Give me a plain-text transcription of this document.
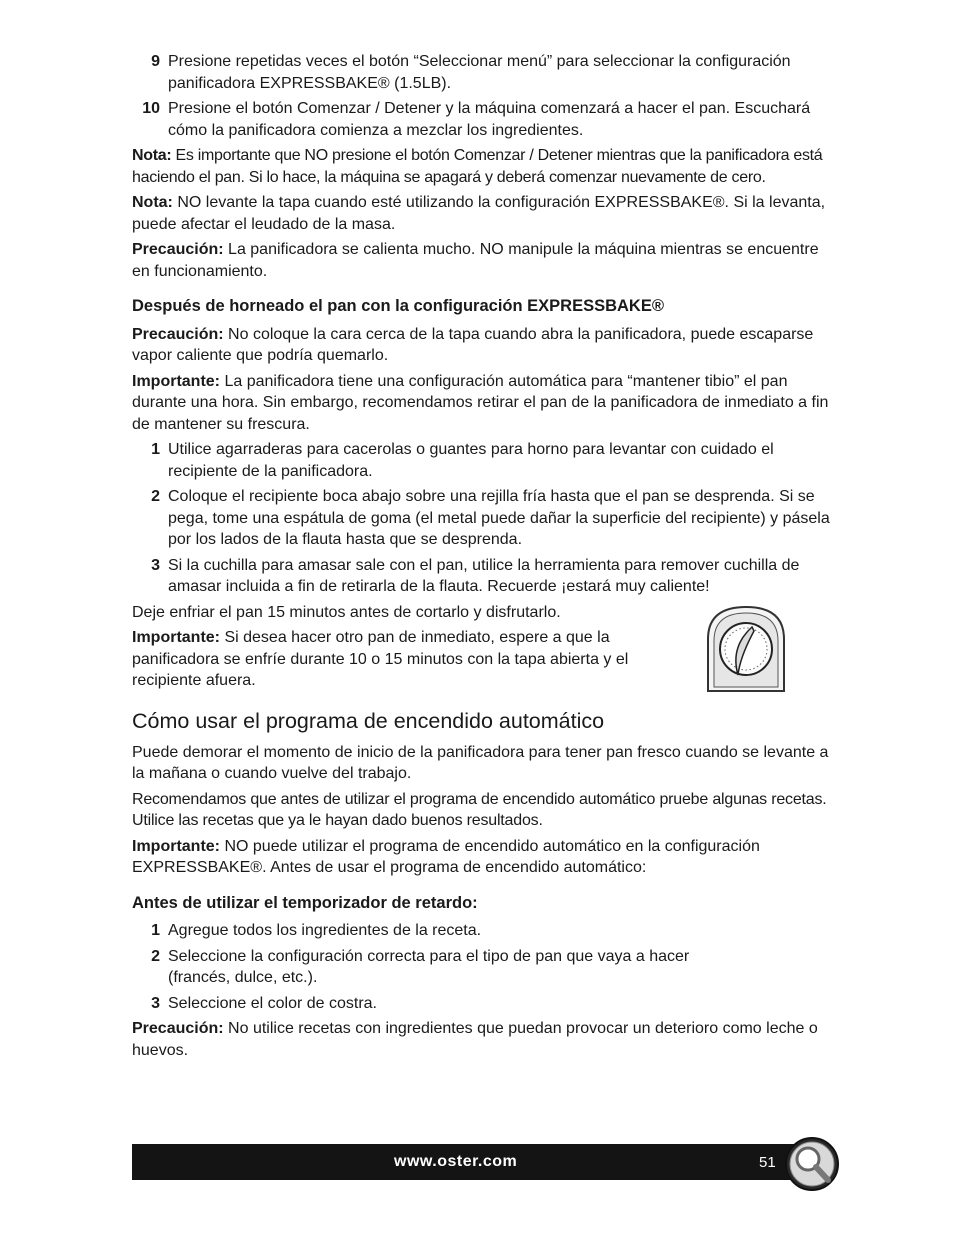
9 Presione repetidas veces el botón “Seleccionar menú” para seleccionar la configuración panificadora EXPRESSBAKE® (1.5LB).
10 Presione el botón Comenzar / Detener y la máquina comenzará a hacer el pan. Escuchará cómo la panificadora comienza a mezclar los ingredientes.

Nota: Es importante que NO presione el botón Comenzar / Detener mientras que la panificadora está haciendo el pan. Si lo hace, la máquina se apagará y deberá comenzar nuevamente de cero.

Nota: NO levante la tapa cuando esté utilizando la configuración EXPRESSBAKE®. Si la levanta, puede afectar el leudado de la masa.

Precaución: La panificadora se calienta mucho. NO manipule la máquina mientras se encuentre en funcionamiento.

Después de horneado el pan con la configuración EXPRESSBAKE®

Precaución: No coloque la cara cerca de la tapa cuando abra la panificadora, puede escaparse vapor caliente que podría quemarlo.

Importante: La panificadora tiene una configuración automática para “mantener tibio” el pan durante una hora. Sin embargo, recomendamos retirar el pan de la panificadora de inmediato a fin de mantener su frescura.

1 Utilice agarraderas para cacerolas o guantes para horno para levantar con cuidado el recipiente de la panificadora.
2 Coloque el recipiente boca abajo sobre una rejilla fría hasta que el pan se desprenda. Si se pega, tome una espátula de goma (el metal puede dañar la superficie del recipiente) y pásela por los lados de la flauta hasta que se desprenda.
3 Si la cuchilla para amasar sale con el pan, utilice la herramienta para remover cuchilla de amasar incluida a fin de retirarla de la flauta. Recuerde ¡estará muy caliente!

Deje enfriar el pan 15 minutos antes de cortarlo y disfrutarlo.

Importante: Si desea hacer otro pan de inmediato, espere a que la panificadora se enfríe durante 10 o 15 minutos con la tapa abierta y el recipiente afuera.

Cómo usar el programa de encendido automático

Puede demorar el momento de inicio de la panificadora para tener pan fresco cuando se levante a la mañana o cuando vuelve del trabajo.

Recomendamos que antes de utilizar el programa de encendido automático pruebe algunas recetas. Utilice las recetas que ya le hayan dado buenos resultados.

Importante: NO puede utilizar el programa de encendido automático en la configuración EXPRESSBAKE®. Antes de usar el programa de encendido automático:

Antes de utilizar el temporizador de retardo:
1 Agregue todos los ingredientes de la receta.
2 Seleccione la configuración correcta para el tipo de pan que vaya a hacer (francés, dulce, etc.).
3 Seleccione el color de costra.

Precaución: No utilice recetas con ingredientes que puedan provocar un deterioro como leche o huevos.

www.oster.com	51
